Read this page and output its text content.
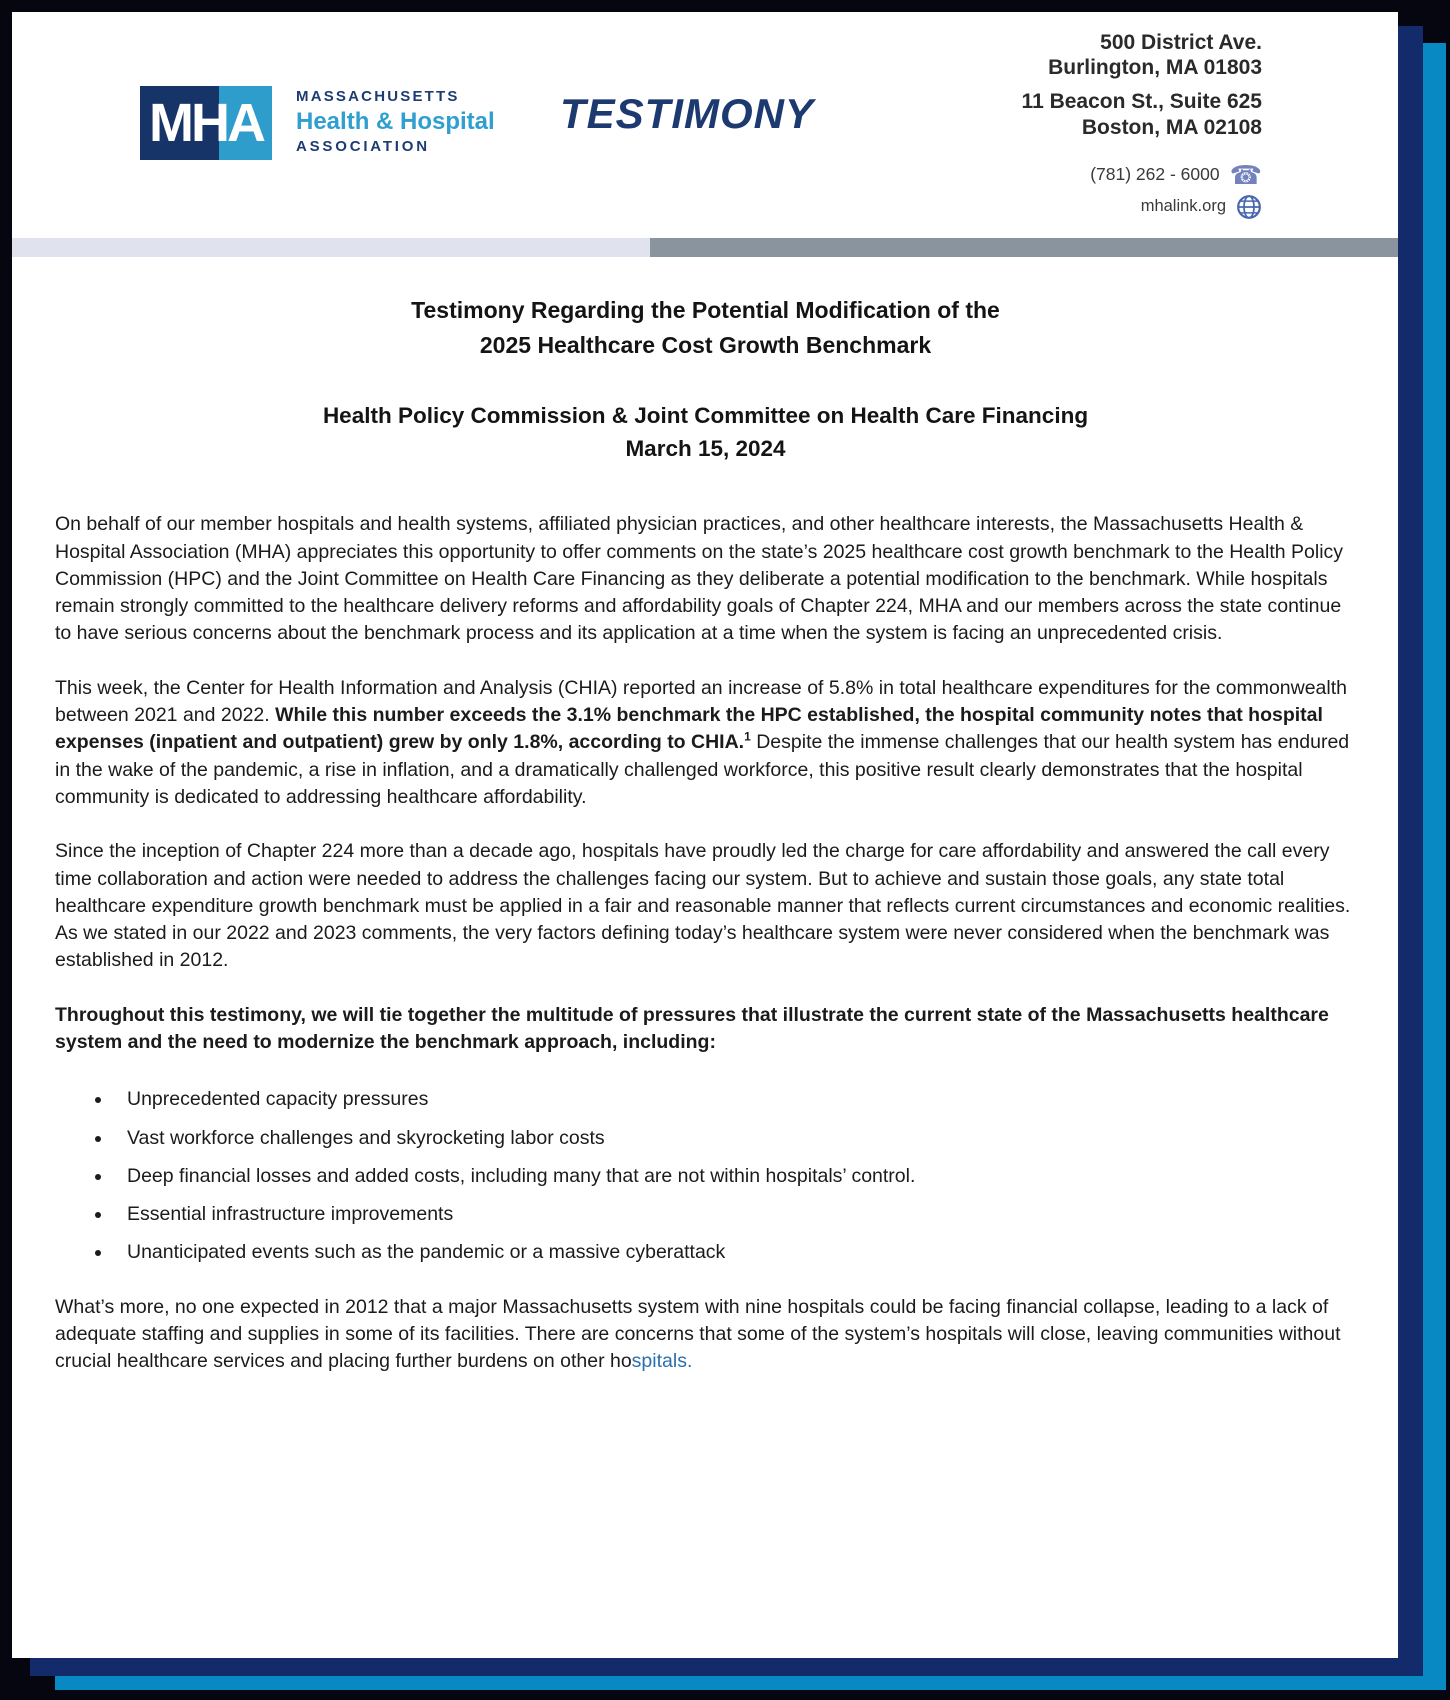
MHA MASSACHUSETTS
Health & Hospital
ASSOCIATION
TESTIMONY
500 District Ave.
Burlington, MA 01803
11 Beacon St., Suite 625
Boston, MA 02108
(781) 262 - 6000 ☎
mhalink.org
Testimony Regarding the Potential Modification of the
2025 Healthcare Cost Growth Benchmark
Health Policy Commission & Joint Committee on Health Care Financing
March 15, 2024

On behalf of our member hospitals and health systems, affiliated physician practices, and other healthcare interests, the Massachusetts Health & Hospital Association (MHA) appreciates this opportunity to offer comments on the state’s 2025 healthcare cost growth benchmark to the Health Policy Commission (HPC) and the Joint Committee on Health Care Financing as they deliberate a potential modification to the benchmark. While hospitals remain strongly committed to the healthcare delivery reforms and affordability goals of Chapter 224, MHA and our members across the state continue to have serious concerns about the benchmark process and its application at a time when the system is facing an unprecedented crisis.

This week, the Center for Health Information and Analysis (CHIA) reported an increase of 5.8% in total healthcare expenditures for the commonwealth between 2021 and 2022. While this number exceeds the 3.1% benchmark the HPC established, the hospital community notes that hospital expenses (inpatient and outpatient) grew by only 1.8%, according to CHIA.$^1$ Despite the immense challenges that our health system has endured in the wake of the pandemic, a rise in inflation, and a dramatically challenged workforce, this positive result clearly demonstrates that the hospital community is dedicated to addressing healthcare affordability.

Since the inception of Chapter 224 more than a decade ago, hospitals have proudly led the charge for care affordability and answered the call every time collaboration and action were needed to address the challenges facing our system. But to achieve and sustain those goals, any state total healthcare expenditure growth benchmark must be applied in a fair and reasonable manner that reflects current circumstances and economic realities. As we stated in our 2022 and 2023 comments, the very factors defining today’s healthcare system were never considered when the benchmark was established in 2012.

Throughout this testimony, we will tie together the multitude of pressures that illustrate the current state of the Massachusetts healthcare system and the need to modernize the benchmark approach, including:

• Unprecedented capacity pressures
• Vast workforce challenges and skyrocketing labor costs
• Deep financial losses and added costs, including many that are not within hospitals’ control.
• Essential infrastructure improvements
• Unanticipated events such as the pandemic or a massive cyberattack

What’s more, no one expected in 2012 that a major Massachusetts system with nine hospitals could be facing financial collapse, leading to a lack of adequate staffing and supplies in some of its facilities. There are concerns that some of the system’s hospitals will close, leaving communities without crucial healthcare services and placing further burdens on other hospitals.
